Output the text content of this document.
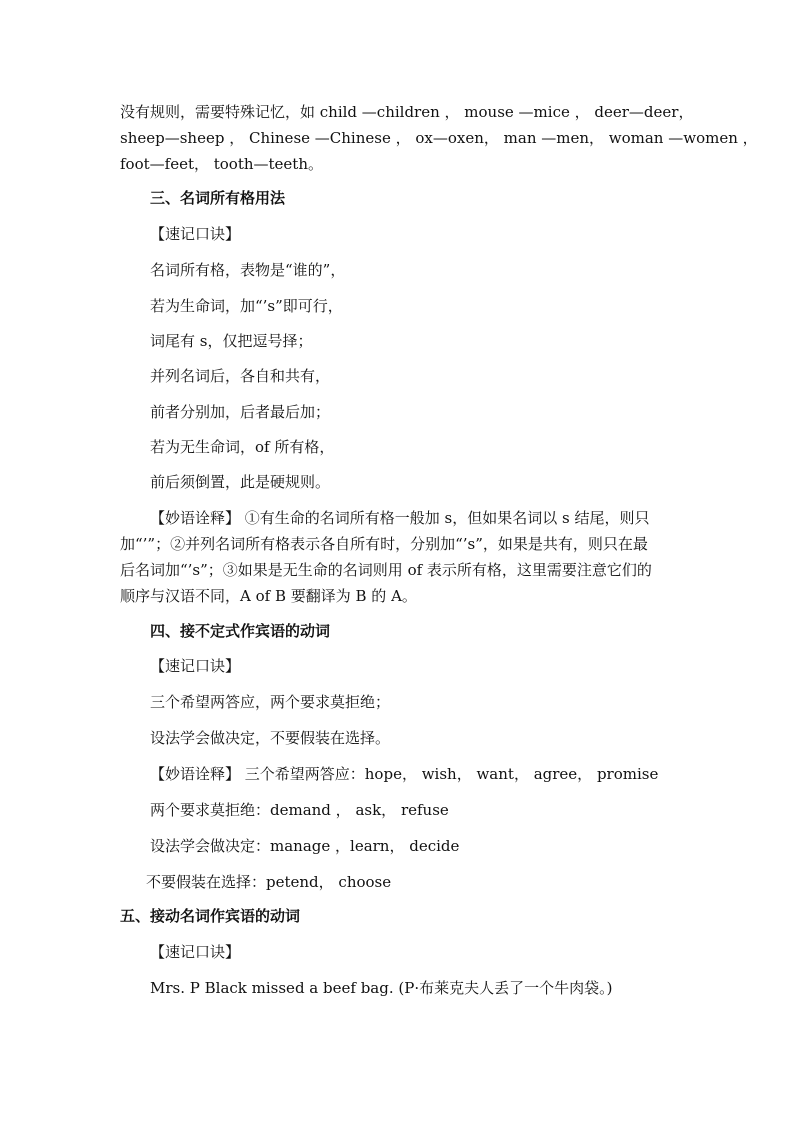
没有规则，需要特殊记忆，如 child —children ， mouse —mice ， deer—deer，
sheep—sheep ， Chinese —Chinese ， ox—oxen， man —men， woman —women ，
foot—feet， tooth—teeth。
三、名词所有格用法
【速记口诀】
名词所有格，表物是“谁的”，
若为生命词，加“’s”即可行，
词尾有 s，仅把逗号择；
并列名词后，各自和共有，
前者分别加，后者最后加；
若为无生命词，of 所有格，
前后须倒置，此是硬规则。
【妙语诠释】 ①有生命的名词所有格一般加 s，但如果名词以 s 结尾，则只
加“’”；②并列名词所有格表示各自所有时，分别加“’s”，如果是共有，则只在最
后名词加“’s”；③如果是无生命的名词则用 of 表示所有格，这里需要注意它们的
顺序与汉语不同，A of B 要翻译为 B 的 A。
四、接不定式作宾语的动词
【速记口诀】
三个希望两答应，两个要求莫拒绝；
设法学会做决定，不要假装在选择。
【妙语诠释】 三个希望两答应：hope， wish， want， agree， promise
两个要求莫拒绝：demand ， ask， refuse
设法学会做决定：manage ，learn， decide
不要假装在选择：petend， choose
五、接动名词作宾语的动词
【速记口诀】
Mrs. P Black missed a beef bag. (P·布莱克夫人丢了一个牛肉袋。)
